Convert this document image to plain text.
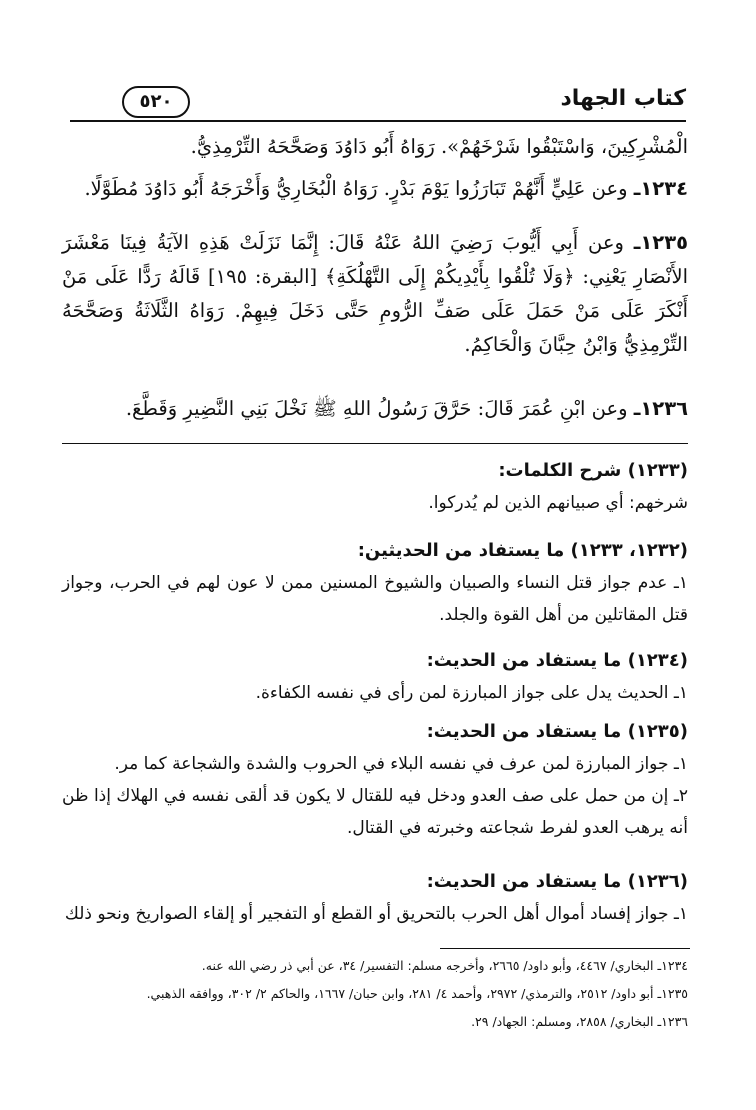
كتاب الجهاد
٥٢٠
الْمُشْرِكِينَ، وَاسْتَبْقُوا شَرْخَهُمْ». رَوَاهُ أَبُو دَاوُدَ وَصَحَّحَهُ التِّرْمِذِيُّ.
١٢٣٤ـ وعن عَلِيٍّ أَنَّهُمْ تَبَارَزُوا يَوْمَ بَدْرٍ. رَوَاهُ الْبُخَارِيُّ وَأَخْرَجَهُ أَبُو دَاوُدَ مُطَوَّلًا.
١٢٣٥ـ وعن أَبِي أَيُّوبَ رَضِيَ اللهُ عَنْهُ قَالَ: إِنَّمَا نَزَلَتْ هَذِهِ الآيَةُ فِينَا مَعْشَرَ الأَنْصَارِ يَعْنِي: ﴿وَلَا تُلْقُوا بِأَيْدِيكُمْ إِلَى التَّهْلُكَةِ﴾ [البقرة: ١٩٥] قَالَهُ رَدًّا عَلَى مَنْ أَنْكَرَ عَلَى مَنْ حَمَلَ عَلَى صَفِّ الرُّومِ حَتَّى دَخَلَ فِيهِمْ. رَوَاهُ الثَّلَاثَةُ وَصَحَّحَهُ التِّرْمِذِيُّ وَابْنُ حِبَّانَ وَالْحَاكِمُ.
١٢٣٦ـ وعن ابْنِ عُمَرَ قَالَ: حَرَّقَ رَسُولُ اللهِ ﷺ نَخْلَ بَنِي النَّضِيرِ وَقَطَّعَ.
(١٢٣٣) شرح الكلمات:
شرخهم: أي صبيانهم الذين لم يُدركوا.
(١٢٣٢، ١٢٣٣) ما يستفاد من الحديثين:
١ـ عدم جواز قتل النساء والصبيان والشيوخ المسنين ممن لا عون لهم في الحرب، وجواز قتل المقاتلين من أهل القوة والجلد.
(١٢٣٤) ما يستفاد من الحديث:
١ـ الحديث يدل على جواز المبارزة لمن رأى في نفسه الكفاءة.
(١٢٣٥) ما يستفاد من الحديث:
١ـ جواز المبارزة لمن عرف في نفسه البلاء في الحروب والشدة والشجاعة كما مر.
٢ـ إن من حمل على صف العدو ودخل فيه للقتال لا يكون قد ألقى نفسه في الهلاك إذا ظن أنه يرهب العدو لفرط شجاعته وخبرته في القتال.
(١٢٣٦) ما يستفاد من الحديث:
١ـ جواز إفساد أموال أهل الحرب بالتحريق أو القطع أو التفجير أو إلقاء الصواريخ ونحو ذلك
١٢٣٤ـ البخاري/ ٤٤٦٧، وأبو داود/ ٢٦٦٥، وأخرجه مسلم: التفسير/ ٣٤، عن أبي ذر رضي الله عنه.
١٢٣٥ـ أبو داود/ ٢٥١٢، والترمذي/ ٢٩٧٢، وأحمد ٤/ ٢٨١، وابن حبان/ ١٦٦٧، والحاكم ٢/ ٣٠٢، ووافقه الذهبي.
١٢٣٦ـ البخاري/ ٢٨٥٨، ومسلم: الجهاد/ ٢٩.
